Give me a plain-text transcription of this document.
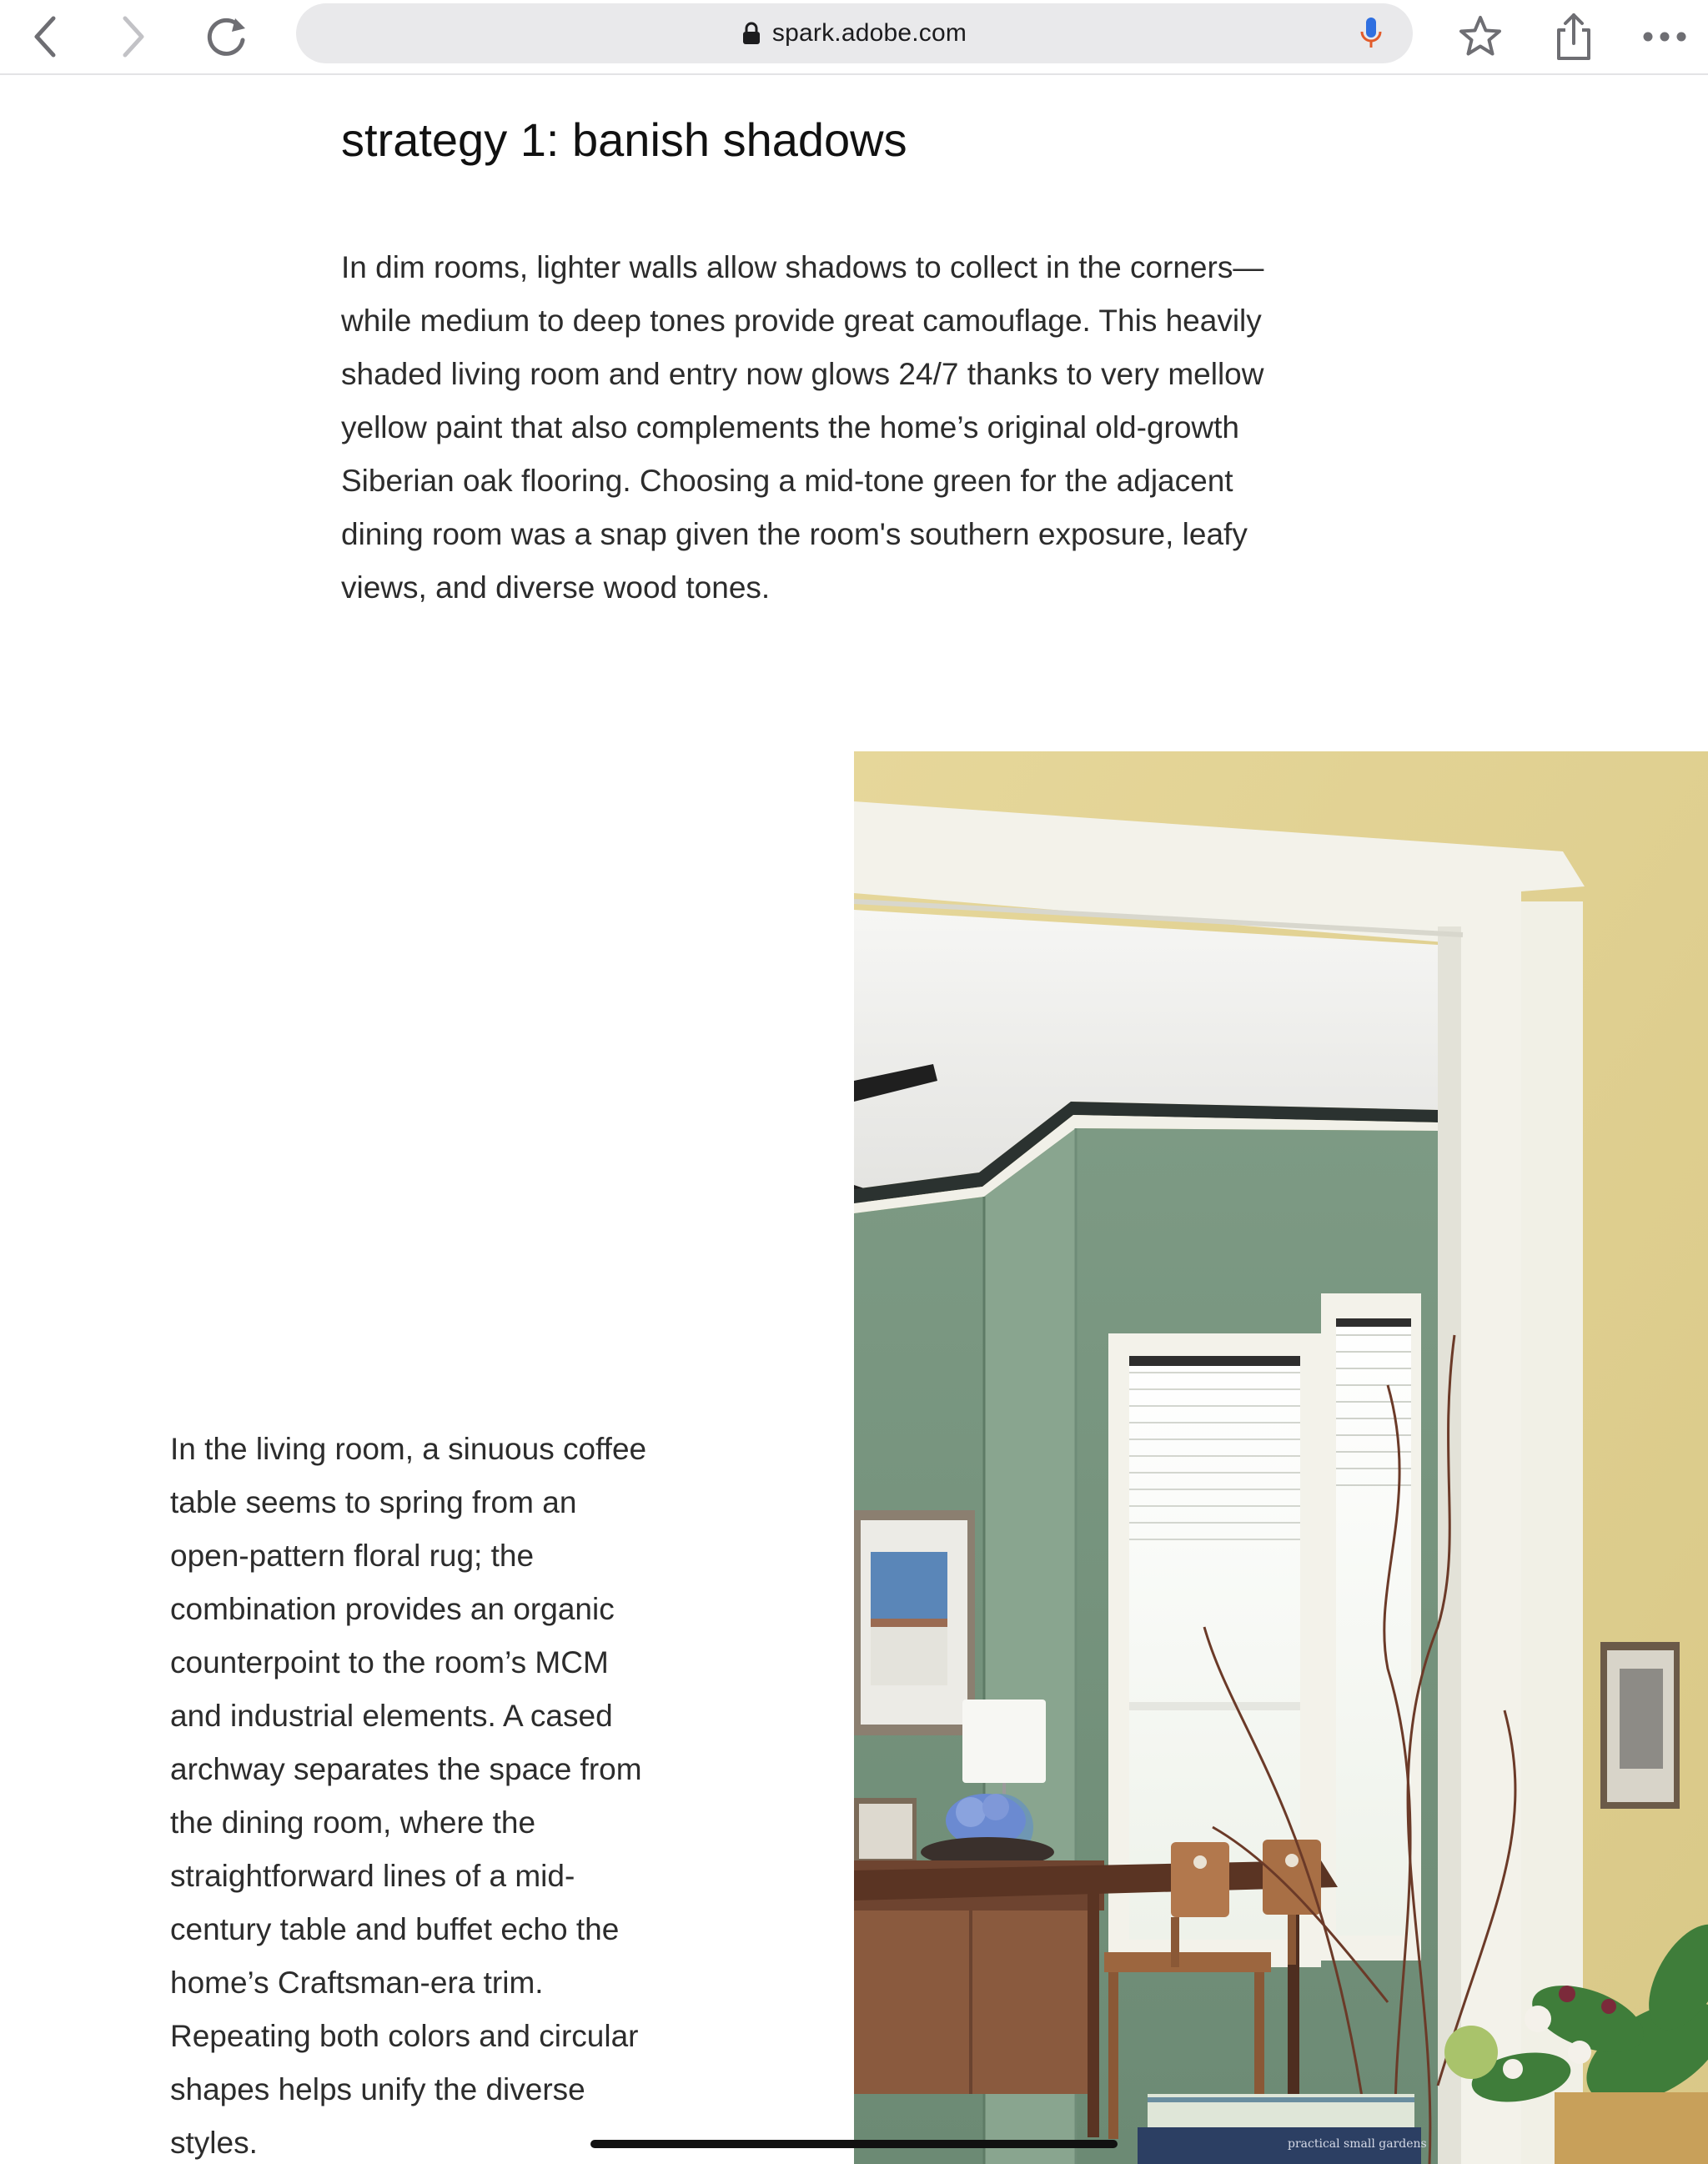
spark.adobe.com
strategy 1: banish shadows

In dim rooms, lighter walls allow shadows to collect in the corners—
while medium to deep tones provide great camouflage. This heavily
shaded living room and entry now glows 24/7 thanks to very mellow
yellow paint that also complements the home’s original old-growth
Siberian oak flooring. Choosing a mid-tone green for the adjacent
dining room was a snap given the room's southern exposure, leafy
views, and diverse wood tones.

In the living room, a sinuous coffee
table seems to spring from an
open-pattern floral rug; the
combination provides an organic
counterpoint to the room’s MCM
and industrial elements. A cased
archway separates the space from
the dining room, where the
straightforward lines of a mid-
century table and buffet echo the
home’s Craftsman-era trim.
Repeating both colors and circular
shapes helps unify the diverse
styles.	practical small gardens
